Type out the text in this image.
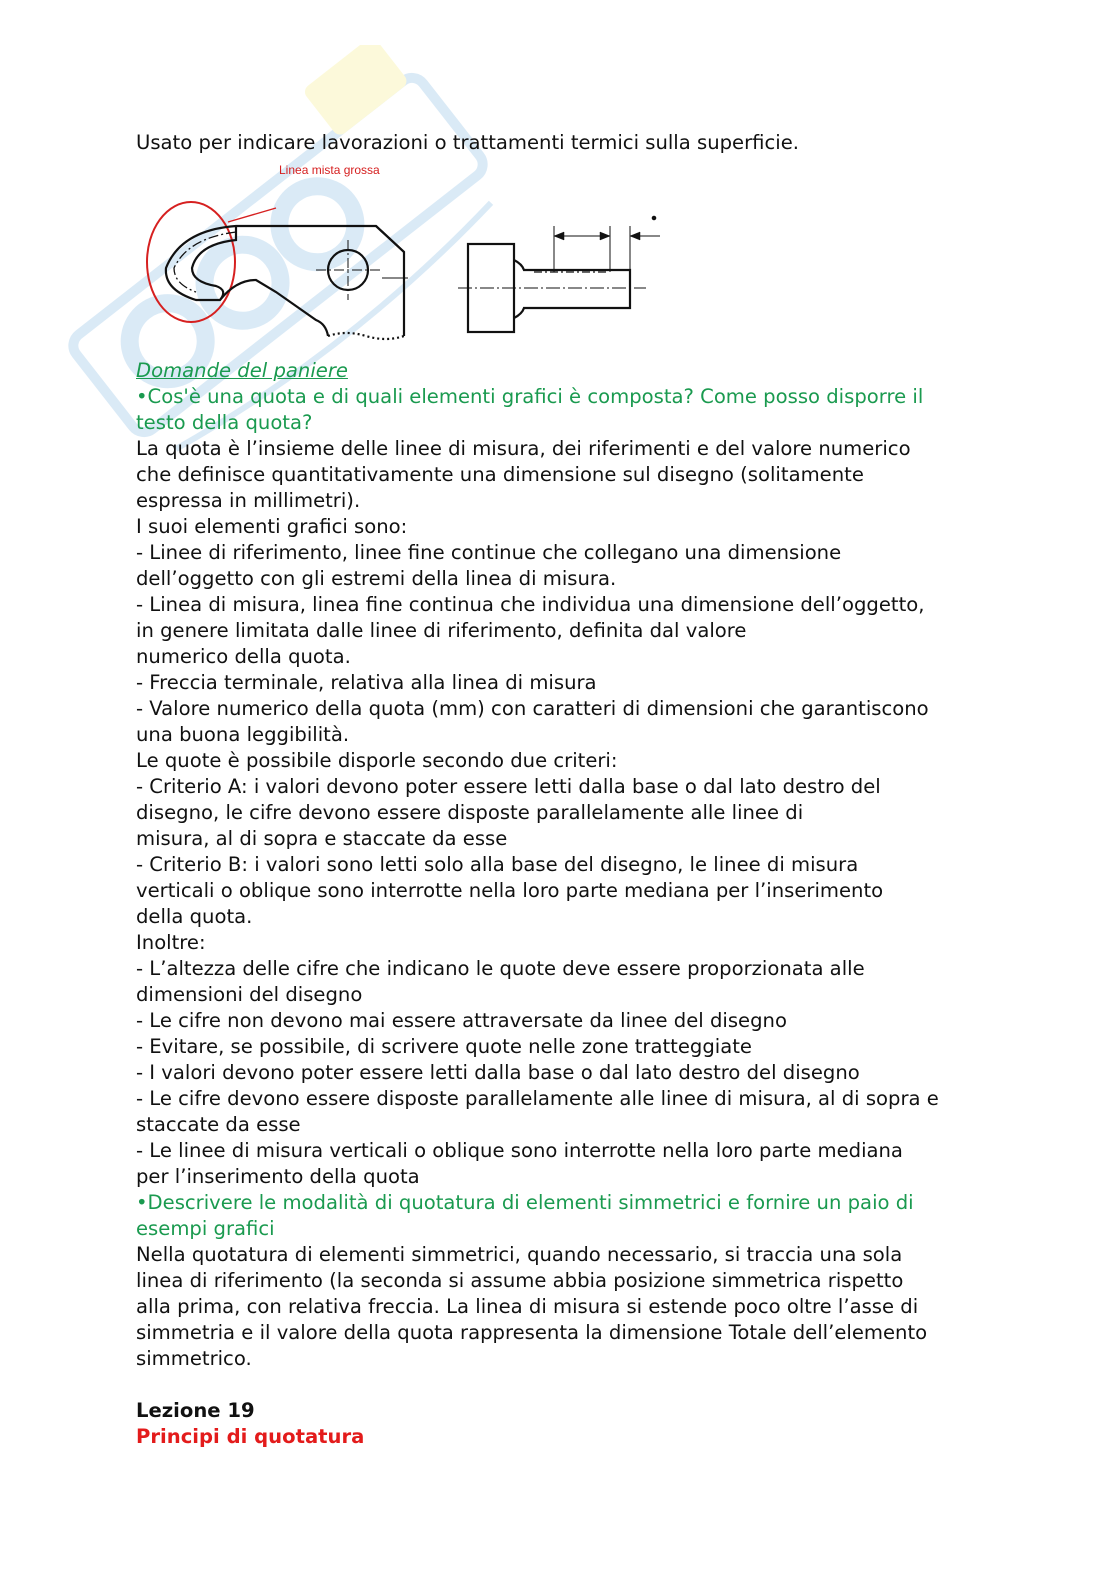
Usato per indicare lavorazioni o trattamenti termici sulla superficie.

Linea mista grossa

Domande del paniere

•Cos'è una quota e di quali elementi grafici è composta? Come posso disporre il

testo della quota?

La quota è l’insieme delle linee di misura, dei riferimenti e del valore numerico

che definisce quantitativamente una dimensione sul disegno (solitamente

espressa in millimetri).

I suoi elementi grafici sono:

- Linee di riferimento, linee fine continue che collegano una dimensione

dell’oggetto con gli estremi della linea di misura.

- Linea di misura, linea fine continua che individua una dimensione dell’oggetto,

in genere limitata dalle linee di riferimento, definita dal valore

numerico della quota.

- Freccia terminale, relativa alla linea di misura

- Valore numerico della quota (mm) con caratteri di dimensioni che garantiscono

una buona leggibilità.

Le quote è possibile disporle secondo due criteri:

- Criterio A: i valori devono poter essere letti dalla base o dal lato destro del

disegno, le cifre devono essere disposte parallelamente alle linee di

misura, al di sopra e staccate da esse

- Criterio B: i valori sono letti solo alla base del disegno, le linee di misura

verticali o oblique sono interrotte nella loro parte mediana per l’inserimento

della quota.

Inoltre:

- L’altezza delle cifre che indicano le quote deve essere proporzionata alle

dimensioni del disegno

- Le cifre non devono mai essere attraversate da linee del disegno

- Evitare, se possibile, di scrivere quote nelle zone tratteggiate

- I valori devono poter essere letti dalla base o dal lato destro del disegno

- Le cifre devono essere disposte parallelamente alle linee di misura, al di sopra e

staccate da esse

- Le linee di misura verticali o oblique sono interrotte nella loro parte mediana

per l’inserimento della quota

•Descrivere le modalità di quotatura di elementi simmetrici e fornire un paio di

esempi grafici

Nella quotatura di elementi simmetrici, quando necessario, si traccia una sola

linea di riferimento (la seconda si assume abbia posizione simmetrica rispetto

alla prima, con relativa freccia. La linea di misura si estende poco oltre l’asse di

simmetria e il valore della quota rappresenta la dimensione Totale dell’elemento

simmetrico.

Lezione 19

Principi di quotatura
